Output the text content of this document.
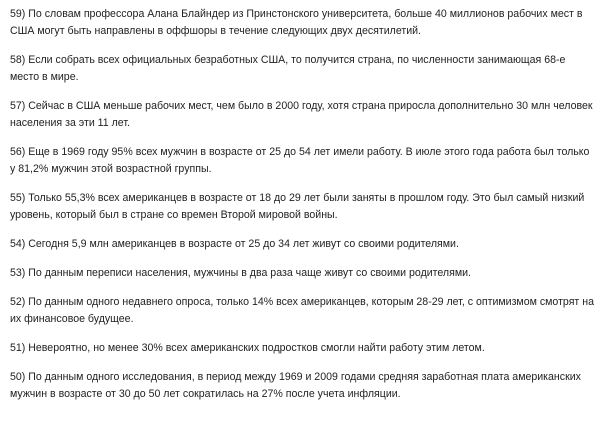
59) По словам профессора Алана Блайндер из Принстонского университета, больше 40 миллионов рабочих мест в США могут быть направлены в оффшоры в течение следующих двух десятилетий.

58) Если собрать всех официальных безработных США, то получится страна, по численности занимающая 68-е место в мире.

57) Сейчас в США меньше рабочих мест, чем было в 2000 году, хотя страна приросла дополнительно 30 млн человек населения за эти 11 лет.

56) Еще в 1969 году 95% всех мужчин в возрасте от 25 до 54 лет имели работу. В июле этого года работа был только у 81,2% мужчин этой возрастной группы.

55) Только 55,3% всех американцев в возрасте от 18 до 29 лет были заняты в прошлом году. Это был самый низкий уровень, который был в стране со времен Второй мировой войны.

54) Сегодня 5,9 млн американцев в возрасте от 25 до 34 лет живут со своими родителями.

53) По данным переписи населения, мужчины в два раза чаще живут со своими родителями.

52) По данным одного недавнего опроса, только 14% всех американцев, которым 28-29 лет, с оптимизмом смотрят на их финансовое будущее.

51) Невероятно, но менее 30% всех американских подростков смогли найти работу этим летом.

50) По данным одного исследования, в период между 1969 и 2009 годами средняя заработная плата американских мужчин в возрасте от 30 до 50 лет сократилась на 27% после учета инфляции.
